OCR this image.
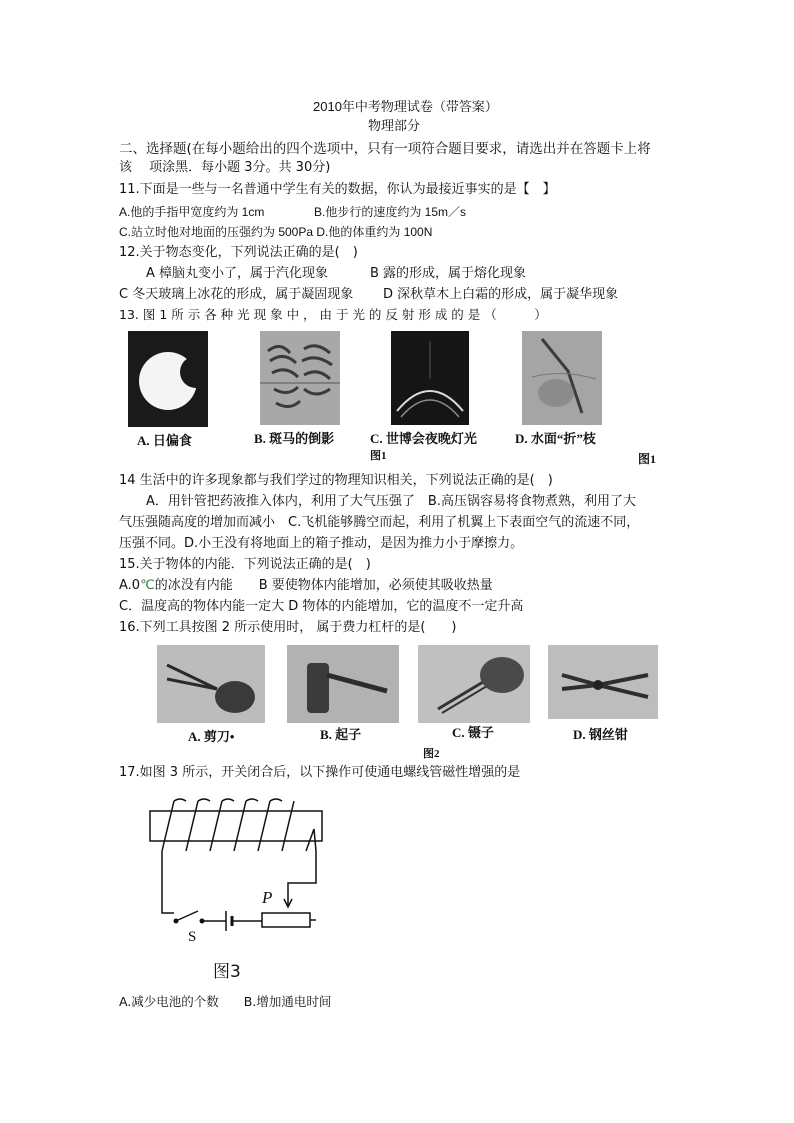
2010年中考物理试卷（带答案）
物理部分
二、选择题(在每小题给出的四个选项中，只有一项符合题目要求，请选出并在答题卡上将
该　 项涂黑．每小题 3分。共 30分)
11.下面是一些与一名普通中学生有关的数据，你认为最接近事实的是【　】
A.他的手指甲宽度约为 1cm	B.他步行的速度约为 15m／s
C.站立时他对地面的压强约为 500Pa D.他的体重约为 100N
12.关于物态变化，下列说法正确的是(　)
A 樟脑丸变小了，属于汽化现象	B 露的形成，属于熔化现象
C 冬天玻璃上冰花的形成，属于凝固现象 D 深秋草木上白霜的形成，属于凝华现象
13. 图 1 所 示 各 种 光 现 象 中 ， 由 于 光 的 反 射 形 成 的 是 （　　　）
A. 日偏食	B. 斑马的倒影	C. 世博会夜晚灯光	D. 水面“折”枝
图1	图1
14 生活中的许多现象都与我们学过的物理知识相关，下列说法正确的是(　)
A．用针管把药液推入体内，利用了大气压强了　B.高压锅容易将食物煮熟，利用了大
气压强随高度的增加而减小　C.飞机能够腾空而起，利用了机翼上下表面空气的流速不同，
压强不同。D.小王没有将地面上的箱子推动，是因为推力小于摩擦力。
15.关于物体的内能．下列说法正确的是(　)
A.0℃的冰没有内能　　B 要使物体内能增加，必须使其吸收热量
C．温度高的物体内能一定大 D 物体的内能增加，它的温度不一定升高
16.下列工具按图 2 所示使用时， 属于费力杠杆的是(　　)
A. 剪刀•	B. 起子	C. 镊子	D. 钢丝钳
图2
17.如图 3 所示，开关闭合后，以下操作可使通电螺线管磁性增强的是
P
S
图3
A.减少电池的个数　　B.增加通电时间
